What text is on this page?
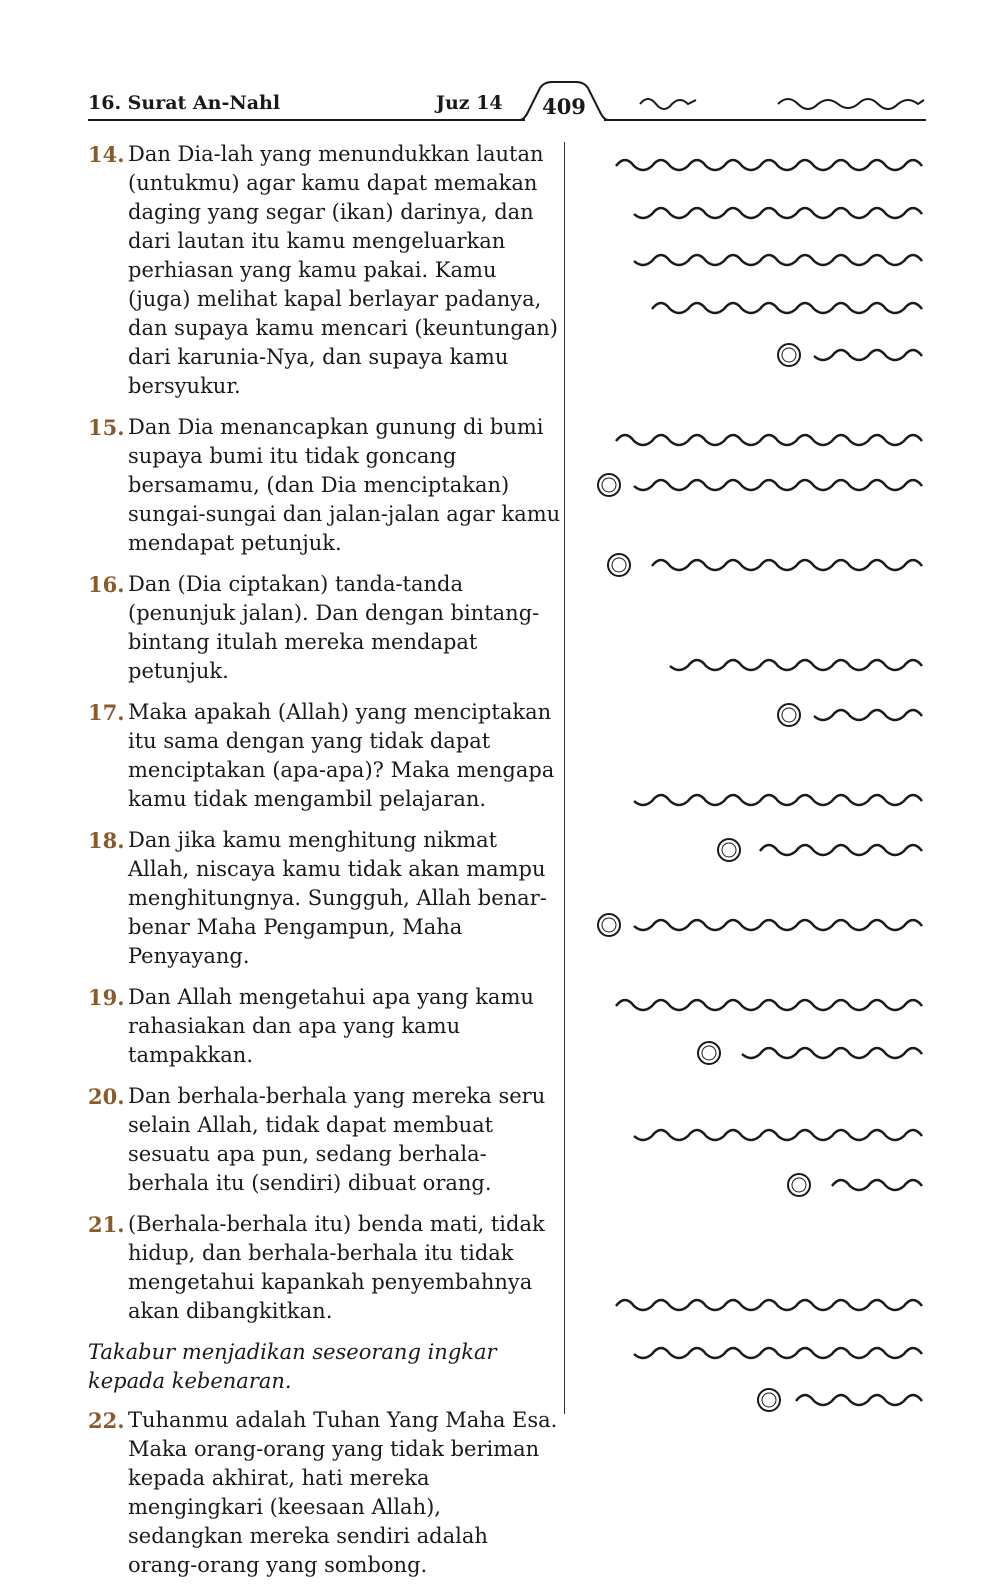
16. Surat An-Nahl	Juz 14	409
14. Dan Dia-lah yang menundukkan lautan (untukmu) agar kamu dapat memakan daging yang segar (ikan) darinya, dan dari lautan itu kamu mengeluarkan perhiasan yang kamu pakai. Kamu (juga) melihat kapal berlayar padanya, dan supaya kamu mencari (keuntungan) dari karunia-Nya, dan supaya kamu bersyukur.
15. Dan Dia menancapkan gunung di bumi supaya bumi itu tidak goncang bersamamu, (dan Dia menciptakan) sungai-sungai dan jalan-jalan agar kamu mendapat petunjuk.
16. Dan (Dia ciptakan) tanda-tanda (penunjuk jalan). Dan dengan bintang-bintang itulah mereka mendapat petunjuk.
17. Maka apakah (Allah) yang menciptakan itu sama dengan yang tidak dapat menciptakan (apa-apa)? Maka mengapa kamu tidak mengambil pelajaran.
18. Dan jika kamu menghitung nikmat Allah, niscaya kamu tidak akan mampu menghitungnya. Sungguh, Allah benar-benar Maha Pengampun, Maha Penyayang.
19. Dan Allah mengetahui apa yang kamu rahasiakan dan apa yang kamu tampakkan.
20. Dan berhala-berhala yang mereka seru selain Allah, tidak dapat membuat sesuatu apa pun, sedang berhala-berhala itu (sendiri) dibuat orang.
21. (Berhala-berhala itu) benda mati, tidak hidup, dan berhala-berhala itu tidak mengetahui kapankah penyembahnya akan dibangkitkan.
Takabur menjadikan seseorang ingkar kepada kebenaran.
22. Tuhanmu adalah Tuhan Yang Maha Esa. Maka orang-orang yang tidak beriman kepada akhirat, hati mereka mengingkari (keesaan Allah), sedangkan mereka sendiri adalah orang-orang yang sombong.
